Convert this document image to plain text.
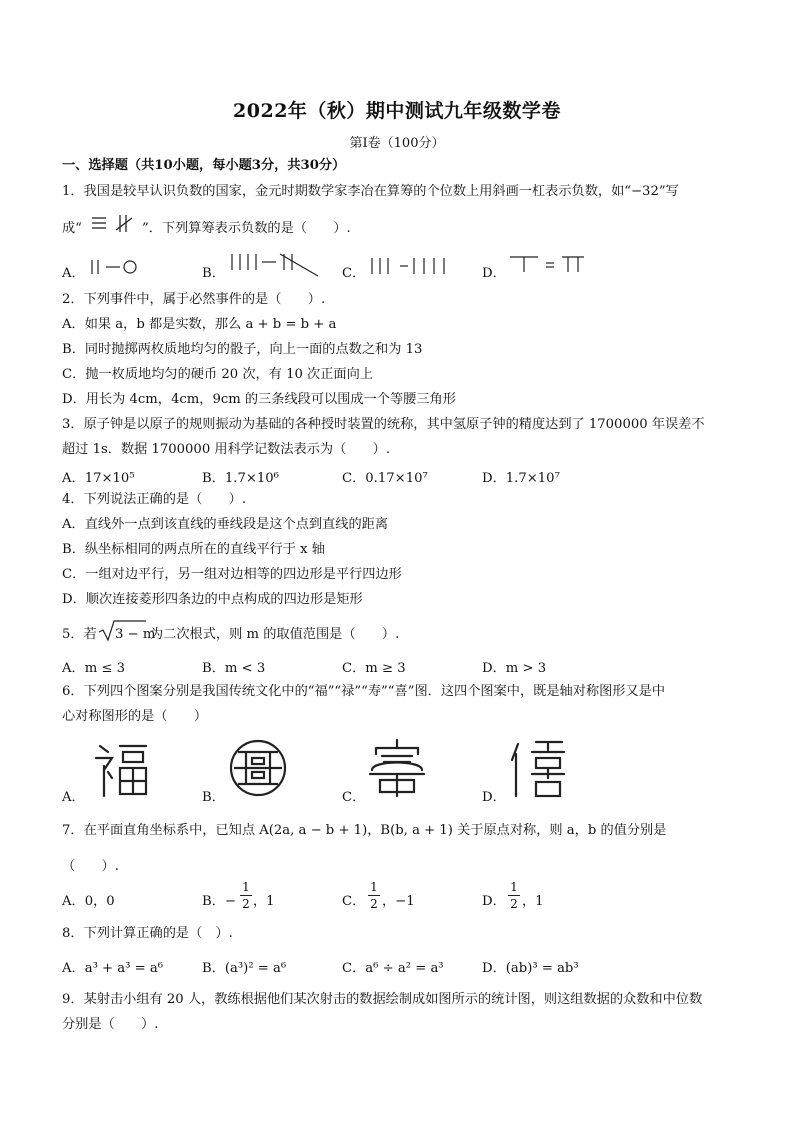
2022年（秋）期中测试九年级数学卷
第Ⅰ卷（100分）
一、选择题（共10小题，每小题3分，共30分）
1．我国是较早认识负数的国家，金元时期数学家李冶在算筹的个位数上用斜画一杠表示负数，如“−32”写
成“	”．下列算筹表示负数的是（　　）.
A．	B．	C．	D．
2．下列事件中，属于必然事件的是（　　）.
A．如果 a，b 都是实数，那么 a + b = b + a
B．同时抛掷两枚质地均匀的骰子，向上一面的点数之和为 13
C．抛一枚质地均匀的硬币 20 次，有 10 次正面向上
D．用长为 4cm，4cm，9cm 的三条线段可以围成一个等腰三角形
3．原子钟是以原子的规则振动为基础的各种授时装置的统称，其中氢原子钟的精度达到了 1700000 年误差不
超过 1s．数据 1700000 用科学记数法表示为（　　）.
A．17×10⁵	B．1.7×10⁶	C．0.17×10⁷	D．1.7×10⁷
4．下列说法正确的是（　　）.
A．直线外一点到该直线的垂线段是这个点到直线的距离
B．纵坐标相同的两点所在的直线平行于 x 轴
C．一组对边平行，另一组对边相等的四边形是平行四边形
D．顺次连接菱形四条边的中点构成的四边形是矩形
5．若 3 − m
为二次根式，则 m 的取值范围是（　　）.
A．m ≤ 3	B．m < 3	C．m ≥ 3	D．m > 3
6．下列四个图案分别是我国传统文化中的“福”“禄”“寿”“喜”图．这四个图案中，既是轴对称图形又是中
心对称图形的是（　　）
A．	B．	C．	D．
7．在平面直角坐标系中，已知点 A(2a, a − b + 1)，B(b, a + 1) 关于原点对称，则 a，b 的值分别是
（　　）.
A．0，0	B．−
1
2 ，1	C．
1
2 ，−1	D．
1
2 ，1
8．下列计算正确的是（　）.
A．a³ + a³ = a⁶	B．(a³)² = a⁶	C．a⁶ ÷ a² = a³	D．(ab)³ = ab³
9．某射击小组有 20 人，教练根据他们某次射击的数据绘制成如图所示的统计图，则这组数据的众数和中位数
分别是（　　）.
